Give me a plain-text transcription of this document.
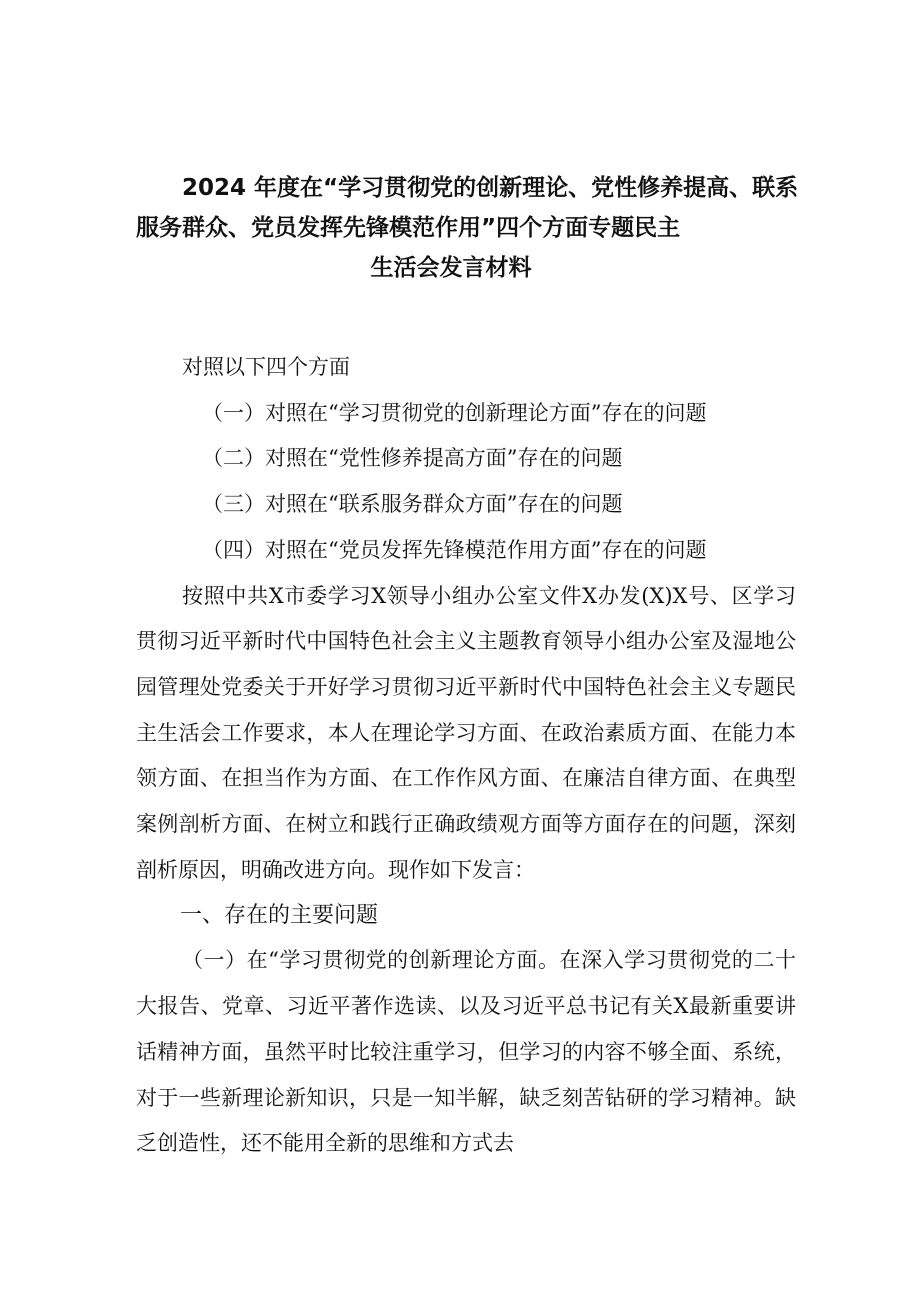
2024 年度在“学习贯彻党的创新理论、党性修养提高、联系
服务群众、党员发挥先锋模范作用”四个方面专题民主
生活会发言材料

对照以下四个方面

（一）对照在“学习贯彻党的创新理论方面”存在的问题

（二）对照在“党性修养提高方面”存在的问题

（三）对照在“联系服务群众方面”存在的问题

（四）对照在“党员发挥先锋模范作用方面”存在的问题

按照中共X市委学习X领导小组办公室文件X办发(X)X号、区学习贯彻习近平新时代中国特色社会主义主题教育领导小组办公室及湿地公园管理处党委关于开好学习贯彻习近平新时代中国特色社会主义专题民主生活会工作要求，本人在理论学习方面、在政治素质方面、在能力本领方面、在担当作为方面、在工作作风方面、在廉洁自律方面、在典型案例剖析方面、在树立和践行正确政绩观方面等方面存在的问题，深刻剖析原因，明确改进方向。现作如下发言：

一、存在的主要问题

（一）在“学习贯彻党的创新理论方面。在深入学习贯彻党的二十大报告、党章、习近平著作选读、以及习近平总书记有关X最新重要讲话精神方面，虽然平时比较注重学习，但学习的内容不够全面、系统，对于一些新理论新知识，只是一知半解，缺乏刻苦钻研的学习精神。缺乏创造性，还不能用全新的思维和方式去
